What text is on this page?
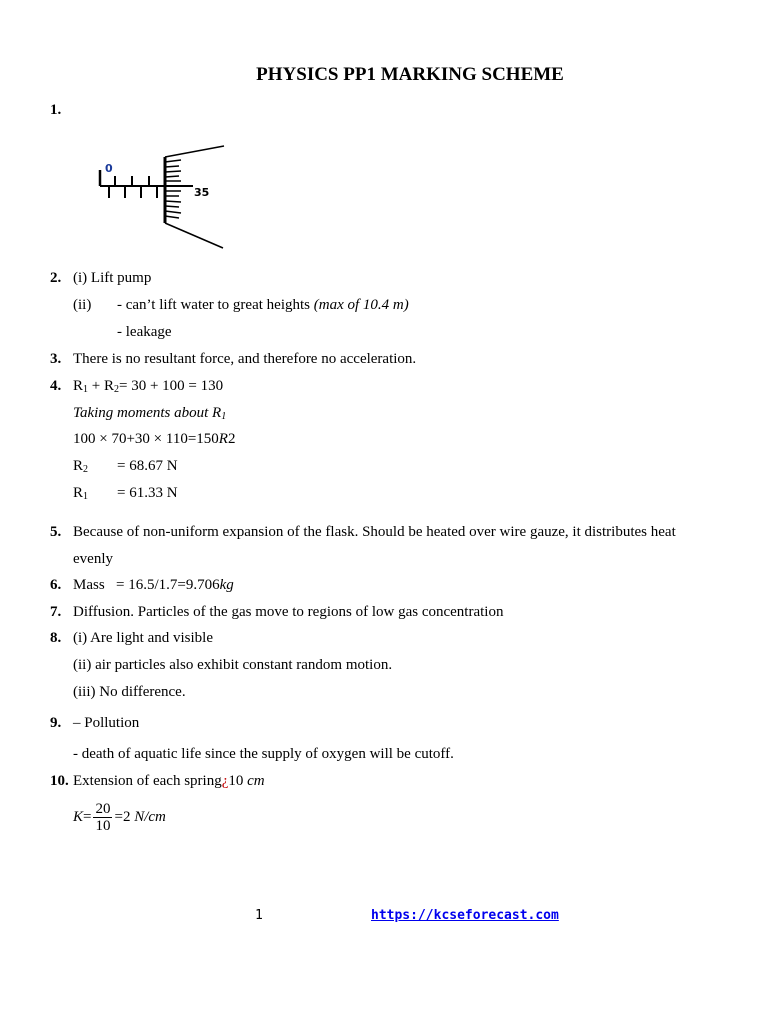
PHYSICS PP1 MARKING SCHEME
1.
0
35
2. (i) Lift pump
(ii) - can’t lift water to great heights (max of 10.4 m)
- leakage
3. There is no resultant force, and therefore no acceleration.
4. $R_1 + R_2= 30 + 100 = 130$
Taking moments about $R_1$
100 × 70+30 × 110=150R2
$R_2 = 68.67$ N
$R_1 = 61.33$ N
5. Because of non-uniform expansion of the flask. Should be heated over wire gauze, it distributes heat
evenly
6. Mass = 16.5/1.7=9.706kg
7. Diffusion. Particles of the gas move to regions of low gas concentration
8. (i) Are light and visible
(ii) air particles also exhibit constant random motion.
(iii) No difference.
9. – Pollution
- death of aquatic life since the supply of oxygen will be cutoff.
10. Extension of each spring¿10 cm
$K= \frac{20}{10} =2$ N/cm
1	https://kcseforecast.com
